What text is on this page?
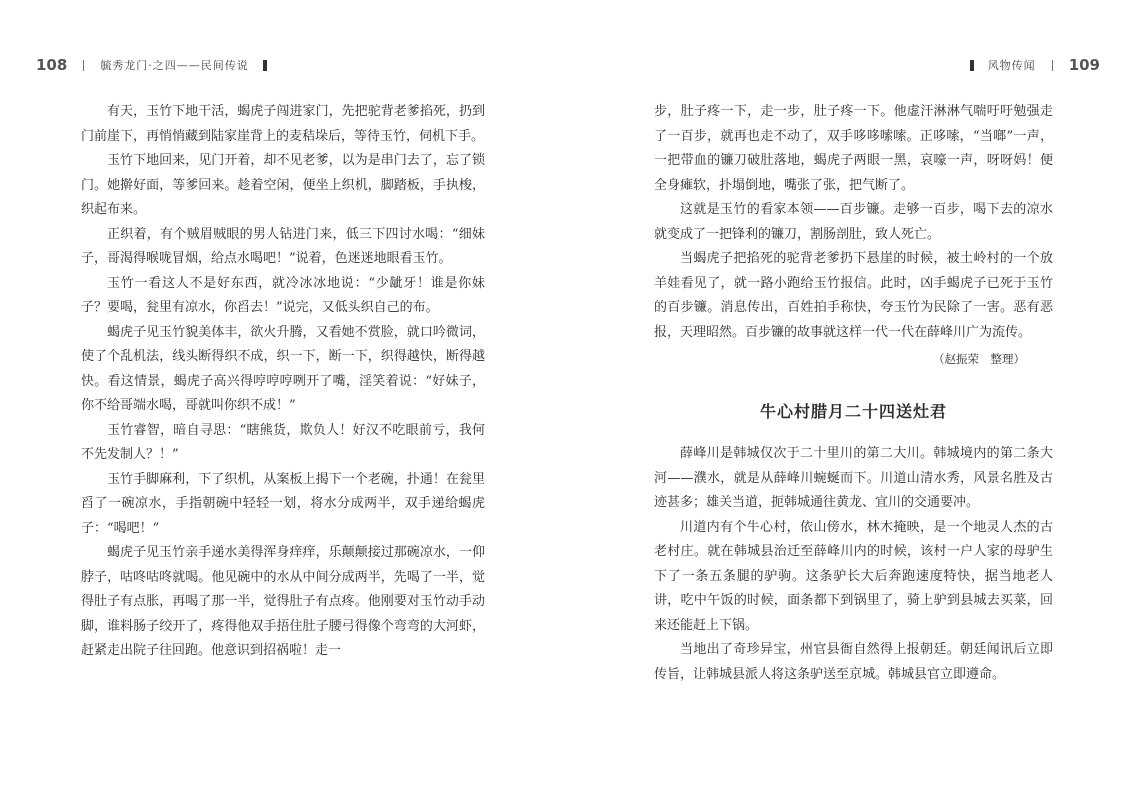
108	毓秀龙门·之四——民间传说

有天，玉竹下地干活，蝎虎子闯进家门，先把驼背老爹掐死，扔到门前崖下，再悄悄藏到陆家崖背上的麦秸垛后，等待玉竹，伺机下手。

玉竹下地回来，见门开着，却不见老爹，以为是串门去了，忘了锁门。她擀好面，等爹回来。趁着空闲，便坐上织机，脚踏板，手执梭，织起布来。

正织着，有个贼眉贼眼的男人钻进门来，低三下四讨水喝：“细妹子，哥渴得喉咙冒烟，给点水喝吧！”说着，色迷迷地眼看玉竹。

玉竹一看这人不是好东西，就冷冰冰地说：“少龇牙！谁是你妹子？要喝，瓮里有凉水，你舀去！”说完，又低头织自己的布。

蝎虎子见玉竹貌美体丰，欲火升腾，又看她不赏脸，就口吟微词，使了个乱机法，线头断得织不成，织一下，断一下，织得越快，断得越快。看这情景，蝎虎子高兴得哼哼哼咧开了嘴，淫笑着说：“好妹子，你不给哥端水喝，哥就叫你织不成！”

玉竹睿智，暗自寻思：“瞎熊货，欺负人！好汉不吃眼前亏，我何不先发制人？！”

玉竹手脚麻利，下了织机，从案板上揭下一个老碗，扑通！在瓮里舀了一碗凉水，手指朝碗中轻轻一划，将水分成两半，双手递给蝎虎子：“喝吧！”

蝎虎子见玉竹亲手递水美得浑身痒痒，乐颠颠接过那碗凉水，一仰脖子，咕咚咕咚就喝。他见碗中的水从中间分成两半，先喝了一半，觉得肚子有点胀，再喝了那一半，觉得肚子有点疼。他刚要对玉竹动手动脚，谁料肠子绞开了，疼得他双手捂住肚子腰弓得像个弯弯的大河虾，赶紧走出院子往回跑。他意识到招祸啦！走一

风物传闻 109

步，肚子疼一下，走一步，肚子疼一下。他虚汗淋淋气喘吁吁勉强走了一百步，就再也走不动了，双手哆哆嗦嗦。正哆嗦，“当啷”一声，一把带血的镰刀破肚落地，蝎虎子两眼一黑，哀嚎一声，呀呀妈！便全身瘫软，扑塌倒地，嘴张了张，把气断了。

这就是玉竹的看家本领——百步镰。走够一百步，喝下去的凉水就变成了一把锋利的镰刀，割肠剖肚，致人死亡。

当蝎虎子把掐死的驼背老爹扔下悬崖的时候，被土岭村的一个放羊娃看见了，就一路小跑给玉竹报信。此时，凶手蝎虎子已死于玉竹的百步镰。消息传出，百姓拍手称快，夸玉竹为民除了一害。恶有恶报，天理昭然。百步镰的故事就这样一代一代在薛峰川广为流传。

（赵振荣　整理）
牛心村腊月二十四送灶君

薛峰川是韩城仅次于二十里川的第二大川。韩城境内的第二条大河——濮水，就是从薛峰川蜿蜒而下。川道山清水秀，风景名胜及古迹甚多；雄关当道，扼韩城通往黄龙、宜川的交通要冲。

川道内有个牛心村，依山傍水，林木掩映，是一个地灵人杰的古老村庄。就在韩城县治迁至薛峰川内的时候，该村一户人家的母驴生下了一条五条腿的驴驹。这条驴长大后奔跑速度特快，据当地老人讲，吃中午饭的时候，面条都下到锅里了，骑上驴到县城去买菜，回来还能赶上下锅。

当地出了奇珍异宝，州官县衙自然得上报朝廷。朝廷闻讯后立即传旨，让韩城县派人将这条驴送至京城。韩城县官立即遵命。
